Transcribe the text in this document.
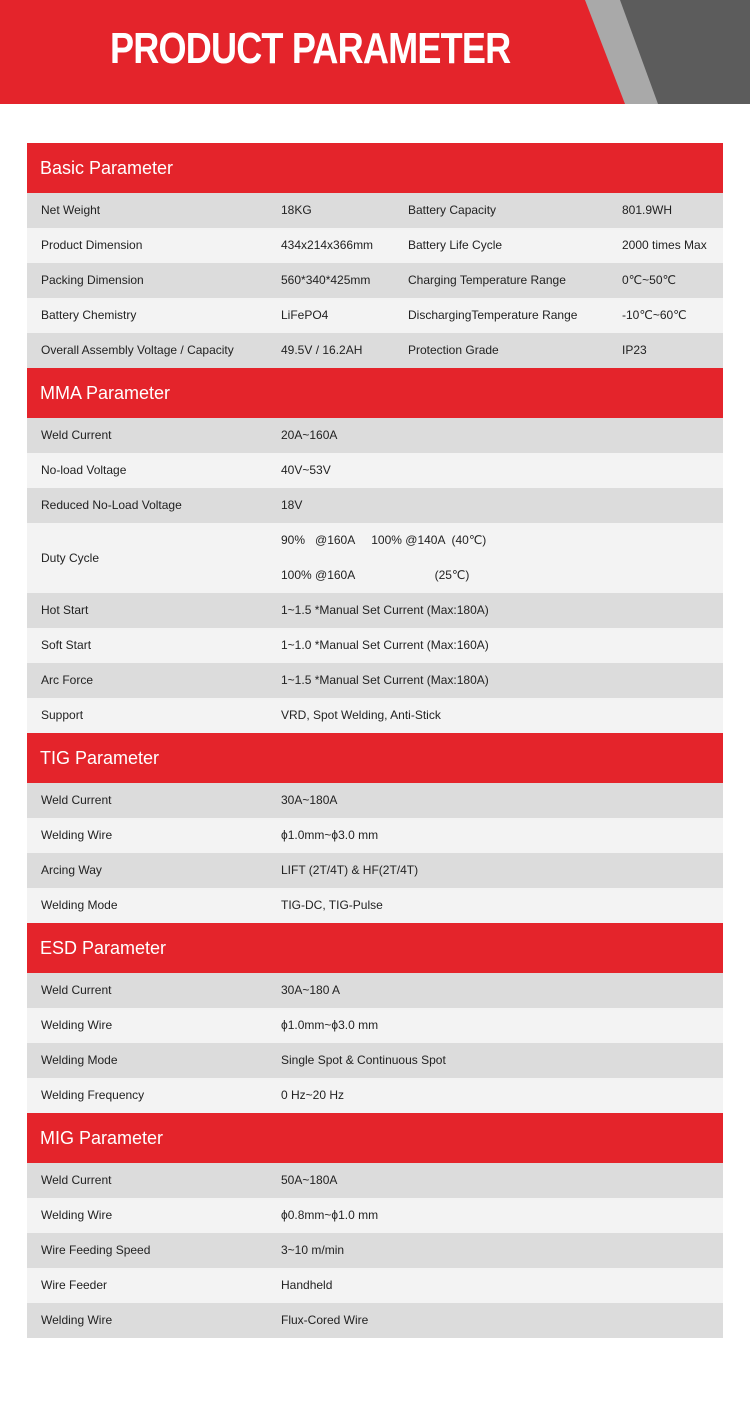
PRODUCT PARAMETER
Basic Parameter
Net Weight	18KG	Battery Capacity	801.9WH
Product Dimension	434x214x366mm	Battery Life Cycle	2000 times Max
Packing Dimension	560*340*425mm	Charging Temperature Range	0℃~50℃
Battery Chemistry	LiFePO4	DischargingTemperature Range	-10℃~60℃
Overall Assembly Voltage / Capacity	49.5V / 16.2AH	Protection Grade	IP23
MMA Parameter
Weld Current	20A~160A
No-load Voltage	40V~53V
Reduced No-Load Voltage	18V
Duty Cycle
90%   @160A     100% @140A  (40℃)
100% @160A                        (25℃)
Hot Start	1~1.5 *Manual Set Current (Max:180A)
Soft Start	1~1.0 *Manual Set Current (Max:160A)
Arc Force	1~1.5 *Manual Set Current (Max:180A)
Support	VRD, Spot Welding, Anti-Stick
TIG Parameter
Weld Current	30A~180A
Welding Wire	ϕ1.0mm~ϕ3.0 mm
Arcing Way	LIFT (2T/4T) & HF(2T/4T)
Welding Mode	TIG-DC, TIG-Pulse
ESD Parameter
Weld Current	30A~180 A
Welding Wire	ϕ1.0mm~ϕ3.0 mm
Welding Mode	Single Spot & Continuous Spot
Welding Frequency	0 Hz~20 Hz
MIG Parameter
Weld Current	50A~180A
Welding Wire	ϕ0.8mm~ϕ1.0 mm
Wire Feeding Speed	3~10 m/min
Wire Feeder	Handheld
Welding Wire	Flux-Cored Wire
